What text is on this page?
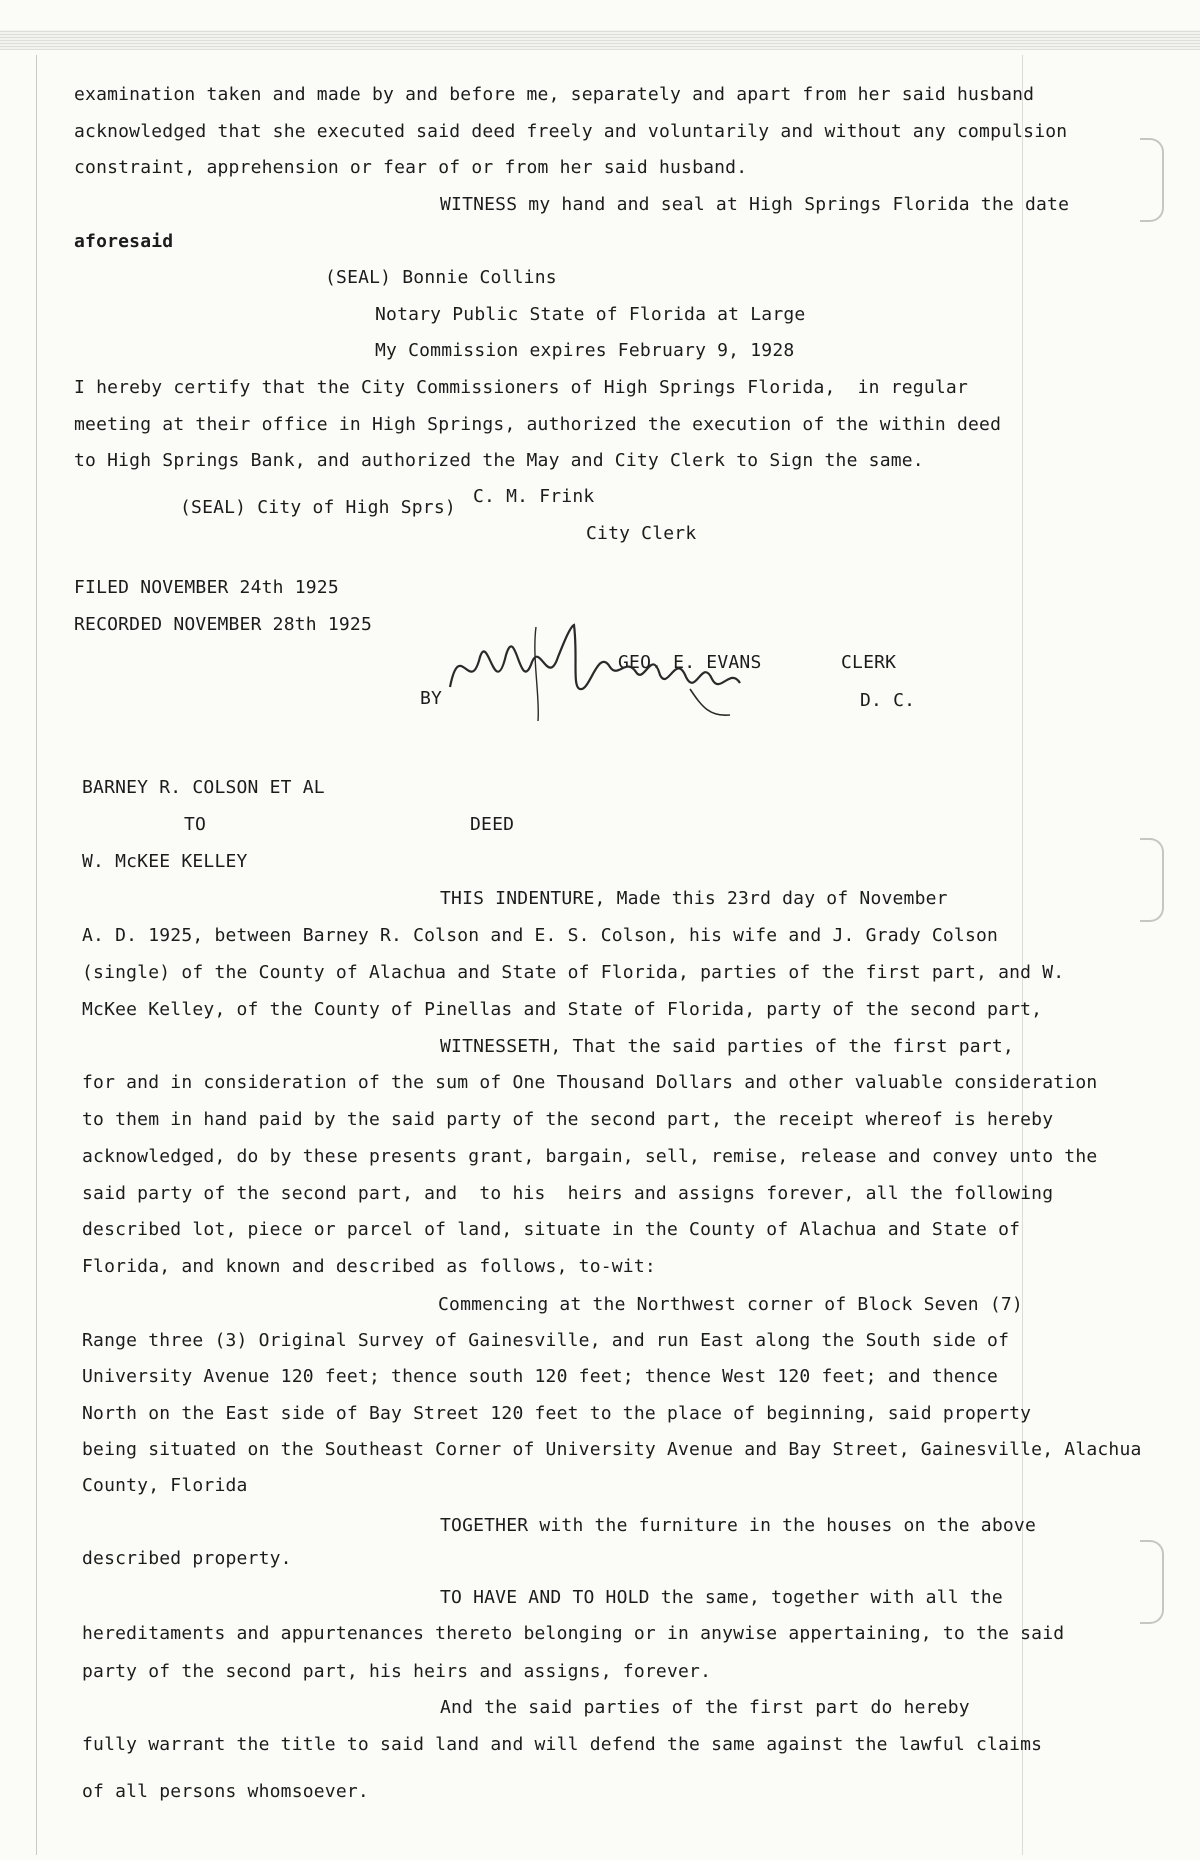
examination taken and made by and before me, separately and apart from her said husband
acknowledged that she executed said deed freely and voluntarily and without any compulsion
constraint, apprehension or fear of or from her said husband.
WITNESS my hand and seal at High Springs Florida the date
aforesaid
(SEAL) Bonnie Collins
Notary Public State of Florida at Large
My Commission expires February 9, 1928
I hereby certify that the City Commissioners of High Springs Florida,  in regular
meeting at their office in High Springs, authorized the execution of the within deed
to High Springs Bank, and authorized the May and City Clerk to Sign the same.
C. M. Frink
(SEAL) City of High Sprs)
City Clerk
FILED NOVEMBER 24th 1925
RECORDED NOVEMBER 28th 1925
GEO. E. EVANS	CLERK
BY	D. C.
BARNEY R. COLSON ET AL
TO	DEED
W. McKEE KELLEY
THIS INDENTURE, Made this 23rd day of November
A. D. 1925, between Barney R. Colson and E. S. Colson, his wife and J. Grady Colson
(single) of the County of Alachua and State of Florida, parties of the first part, and W.
McKee Kelley, of the County of Pinellas and State of Florida, party of the second part,
WITNESSETH, That the said parties of the first part,
for and in consideration of the sum of One Thousand Dollars and other valuable consideration
to them in hand paid by the said party of the second part, the receipt whereof is hereby
acknowledged, do by these presents grant, bargain, sell, remise, release and convey unto the
said party of the second part, and  to his  heirs and assigns forever, all the following
described lot, piece or parcel of land, situate in the County of Alachua and State of
Florida, and known and described as follows, to-wit:
Commencing at the Northwest corner of Block Seven (7)
Range three (3) Original Survey of Gainesville, and run East along the South side of
University Avenue 120 feet; thence south 120 feet; thence West 120 feet; and thence
North on the East side of Bay Street 120 feet to the place of beginning, said property
being situated on the Southeast Corner of University Avenue and Bay Street, Gainesville, Alachua
County, Florida
TOGETHER with the furniture in the houses on the above
described property.
TO HAVE AND TO HOLD the same, together with all the
hereditaments and appurtenances thereto belonging or in anywise appertaining, to the said
party of the second part, his heirs and assigns, forever.
And the said parties of the first part do hereby
fully warrant the title to said land and will defend the same against the lawful claims
of all persons whomsoever.
